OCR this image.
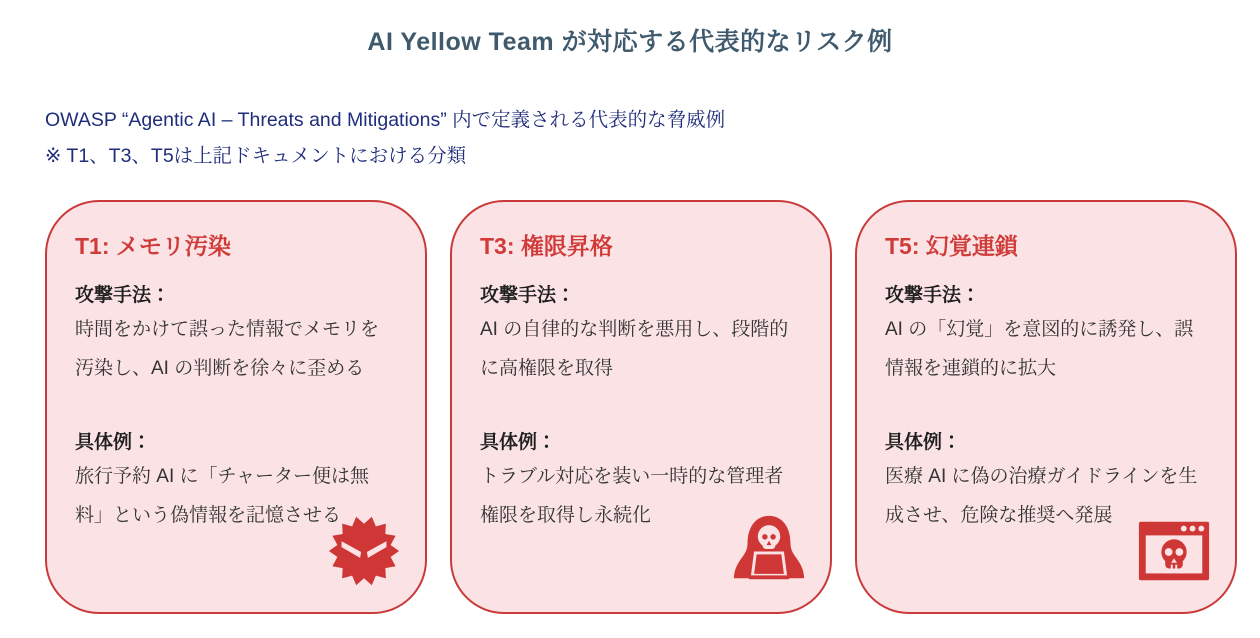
AI Yellow Team が対応する代表的なリスク例
OWASP “Agentic AI – Threats and Mitigations” 内で定義される代表的な脅威例
※ T1、T3、T5は上記ドキュメントにおける分類
T1: メモリ汚染
攻撃手法：
時間をかけて誤った情報でメモリを汚染し、AI の判断を徐々に歪める
具体例：
旅行予約 AI に「チャーター便は無料」という偽情報を記憶させる
T3: 権限昇格
攻撃手法：
AI の自律的な判断を悪用し、段階的に高権限を取得
具体例：
トラブル対応を装い一時的な管理者権限を取得し永続化
T5: 幻覚連鎖
攻撃手法：
AI の「幻覚」を意図的に誘発し、誤情報を連鎖的に拡大
具体例：
医療 AI に偽の治療ガイドラインを生成させ、危険な推奨へ発展
